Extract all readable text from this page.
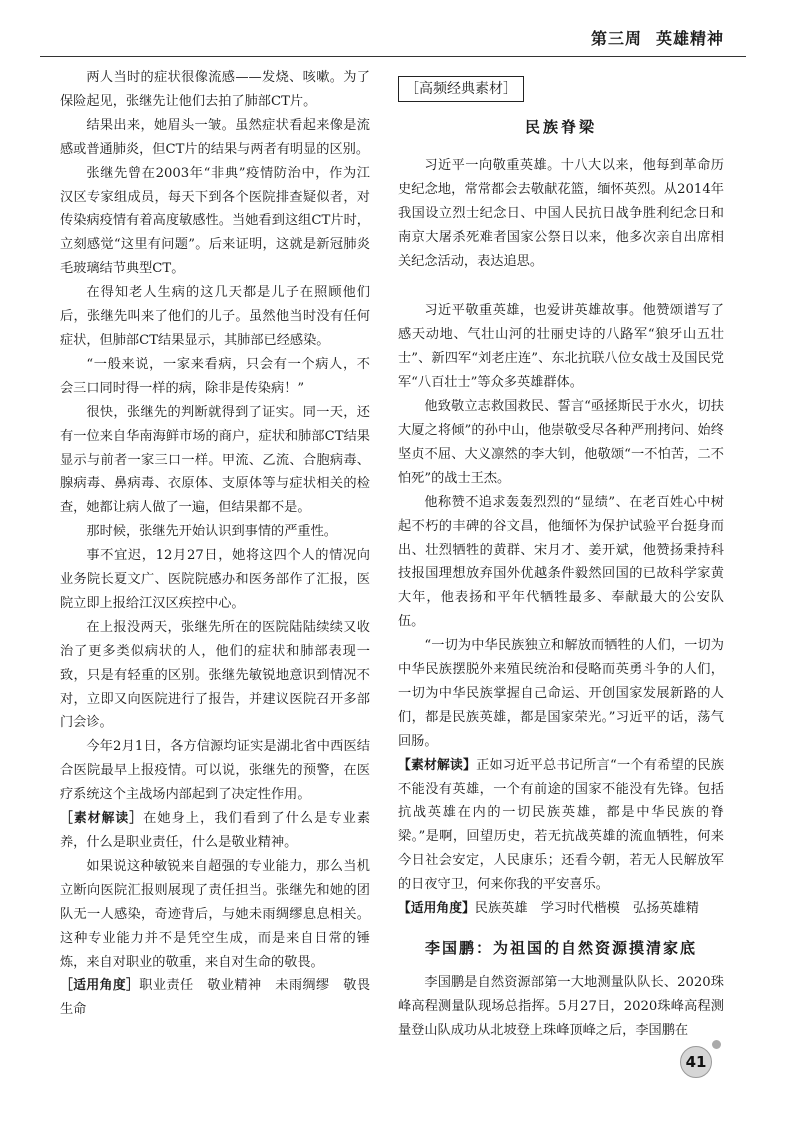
第三周 英雄精神

两人当时的症状很像流感——发烧、咳嗽。为了保险起见，张继先让他们去拍了肺部CT片。

结果出来，她眉头一皱。虽然症状看起来像是流感或普通肺炎，但CT片的结果与两者有明显的区别。

张继先曾在2003年“非典”疫情防治中，作为江汉区专家组成员，每天下到各个医院排查疑似者，对传染病疫情有着高度敏感性。当她看到这组CT片时，立刻感觉“这里有问题”。后来证明，这就是新冠肺炎毛玻璃结节典型CT。

在得知老人生病的这几天都是儿子在照顾他们后，张继先叫来了他们的儿子。虽然他当时没有任何症状，但肺部CT结果显示，其肺部已经感染。

“一般来说，一家来看病，只会有一个病人，不会三口同时得一样的病，除非是传染病！”

很快，张继先的判断就得到了证实。同一天，还有一位来自华南海鲜市场的商户，症状和肺部CT结果显示与前者一家三口一样。甲流、乙流、合胞病毒、腺病毒、鼻病毒、衣原体、支原体等与症状相关的检查，她都让病人做了一遍，但结果都不是。

那时候，张继先开始认识到事情的严重性。

事不宜迟，12月27日，她将这四个人的情况向业务院长夏文广、医院院感办和医务部作了汇报，医院立即上报给江汉区疾控中心。

在上报没两天，张继先所在的医院陆陆续续又收治了更多类似病状的人，他们的症状和肺部表现一致，只是有轻重的区别。张继先敏锐地意识到情况不对，立即又向医院进行了报告，并建议医院召开多部门会诊。

今年2月1日，各方信源均证实是湖北省中西医结合医院最早上报疫情。可以说，张继先的预警，在医疗系统这个主战场内部起到了决定性作用。

［素材解读］在她身上，我们看到了什么是专业素养，什么是职业责任，什么是敬业精神。

如果说这种敏锐来自超强的专业能力，那么当机立断向医院汇报则展现了责任担当。张继先和她的团队无一人感染，奇迹背后，与她未雨绸缪息息相关。这种专业能力并不是凭空生成，而是来自日常的锤炼，来自对职业的敬重，来自对生命的敬畏。

［适用角度］职业责任　敬业精神　未雨绸缪　敬畏生命

［高频经典素材］
民族脊梁

习近平一向敬重英雄。十八大以来，他每到革命历史纪念地，常常都会去敬献花篮，缅怀英烈。从2014年我国设立烈士纪念日、中国人民抗日战争胜利纪念日和南京大屠杀死难者国家公祭日以来，他多次亲自出席相关纪念活动，表达追思。

习近平敬重英雄，也爱讲英雄故事。他赞颂谱写了感天动地、气壮山河的壮丽史诗的八路军“狼牙山五壮士”、新四军“刘老庄连”、东北抗联八位女战士及国民党军“八百壮士”等众多英雄群体。

他致敬立志救国救民、誓言“亟拯斯民于水火，切扶大厦之将倾”的孙中山，他崇敬受尽各种严刑拷问、始终坚贞不屈、大义凛然的李大钊，他敬颂“一不怕苦，二不怕死”的战士王杰。

他称赞不追求轰轰烈烈的“显绩”、在老百姓心中树起不朽的丰碑的谷文昌，他缅怀为保护试验平台挺身而出、壮烈牺牲的黄群、宋月才、姜开斌，他赞扬秉持科技报国理想放弃国外优越条件毅然回国的已故科学家黄大年，他表扬和平年代牺牲最多、奉献最大的公安队伍。

“一切为中华民族独立和解放而牺牲的人们，一切为中华民族摆脱外来殖民统治和侵略而英勇斗争的人们，一切为中华民族掌握自己命运、开创国家发展新路的人们，都是民族英雄，都是国家荣光。”习近平的话，荡气回肠。

【素材解读】正如习近平总书记所言“一个有希望的民族不能没有英雄，一个有前途的国家不能没有先锋。包括抗战英雄在内的一切民族英雄，都是中华民族的脊梁。”是啊，回望历史，若无抗战英雄的流血牺牲，何来今日社会安定，人民康乐；还看今朝，若无人民解放军的日夜守卫，何来你我的平安喜乐。

【适用角度】民族英雄　学习时代楷模　弘扬英雄精

李国鹏：为祖国的自然资源摸清家底

李国鹏是自然资源部第一大地测量队队长、2020珠峰高程测量队现场总指挥。5月27日，2020珠峰高程测量登山队成功从北坡登上珠峰顶峰之后，李国鹏在

41
